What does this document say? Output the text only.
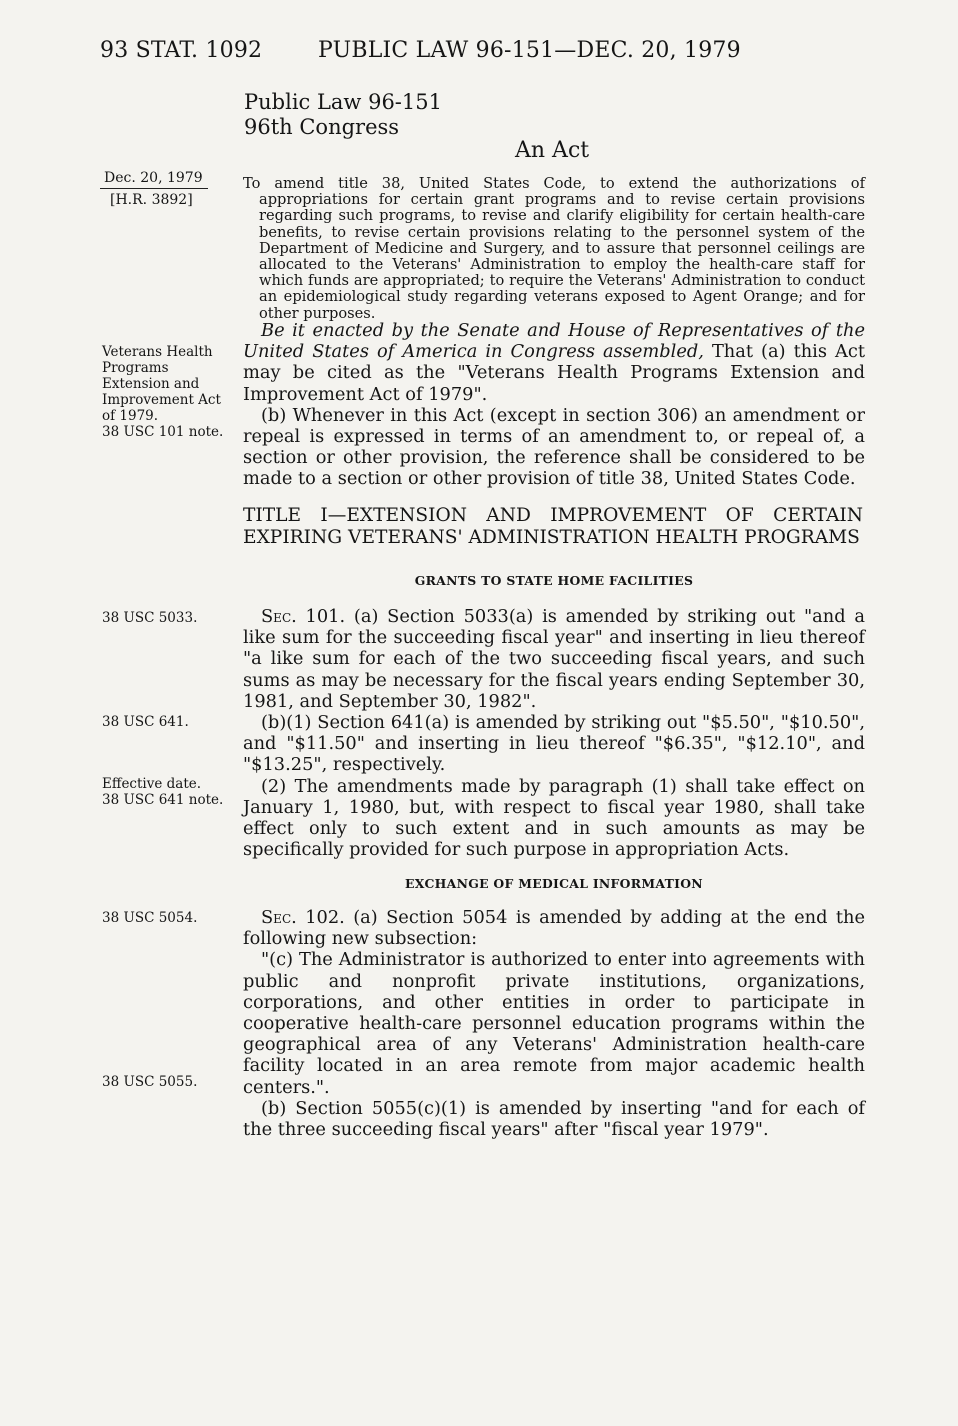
93 STAT. 1092	PUBLIC LAW 96-151—DEC. 20, 1979
Public Law 96-151
96th Congress
An Act
Dec. 20, 1979
[H.R. 3892]
To amend title 38, United States Code, to extend the authorizations of appropriations for certain grant programs and to revise certain provisions regarding such programs, to revise and clarify eligibility for certain health-care benefits, to revise certain provisions relating to the personnel system of the Department of Medicine and Surgery, and to assure that personnel ceilings are allocated to the Veterans' Administration to employ the health-care staff for which funds are appropriated; to require the Veterans' Administration to conduct an epidemiological study regarding veterans exposed to Agent Orange; and for other purposes.
Veterans Health Programs Extension and Improvement Act of 1979.
38 USC 101 note.
38 USC 5033.
38 USC 641.
Effective date.
38 USC 641 note.
38 USC 5054.
38 USC 5055.

Be it enacted by the Senate and House of Representatives of the United States of America in Congress assembled, That (a) this Act may be cited as the "Veterans Health Programs Extension and Improvement Act of 1979".

(b) Whenever in this Act (except in section 306) an amendment or repeal is expressed in terms of an amendment to, or repeal of, a section or other provision, the reference shall be considered to be made to a section or other provision of title 38, United States Code.

TITLE I—EXTENSION AND IMPROVEMENT OF CERTAIN EXPIRING VETERANS' ADMINISTRATION HEALTH PROGRAMS
GRANTS TO STATE HOME FACILITIES

Sec. 101. (a) Section 5033(a) is amended by striking out "and a like sum for the succeeding fiscal year" and inserting in lieu thereof "a like sum for each of the two succeeding fiscal years, and such sums as may be necessary for the fiscal years ending September 30, 1981, and September 30, 1982".

(b)(1) Section 641(a) is amended by striking out "$5.50", "$10.50", and "$11.50" and inserting in lieu thereof "$6.35", "$12.10", and "$13.25", respectively.

(2) The amendments made by paragraph (1) shall take effect on January 1, 1980, but, with respect to fiscal year 1980, shall take effect only to such extent and in such amounts as may be specifically provided for such purpose in appropriation Acts.

EXCHANGE OF MEDICAL INFORMATION

Sec. 102. (a) Section 5054 is amended by adding at the end the following new subsection:

"(c) The Administrator is authorized to enter into agreements with public and nonprofit private institutions, organizations, corporations, and other entities in order to participate in cooperative health-care personnel education programs within the geographical area of any Veterans' Administration health-care facility located in an area remote from major academic health centers.".

(b) Section 5055(c)(1) is amended by inserting "and for each of the three succeeding fiscal years" after "fiscal year 1979".
